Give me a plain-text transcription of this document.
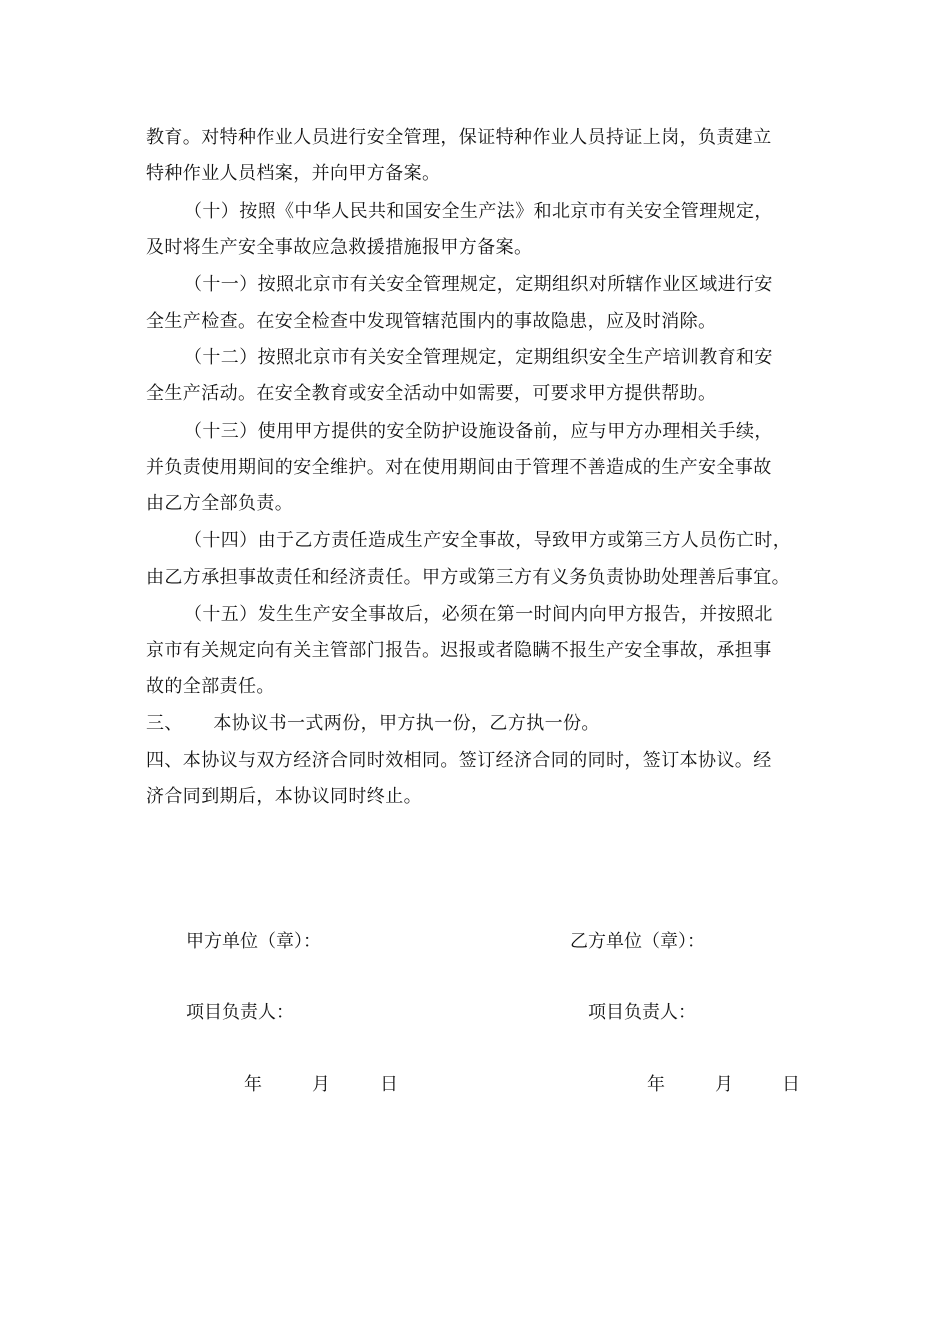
教育。对特种作业人员进行安全管理，保证特种作业人员持证上岗，负责建立
特种作业人员档案，并向甲方备案。
（十）按照《中华人民共和国安全生产法》和北京市有关安全管理规定，
及时将生产安全事故应急救援措施报甲方备案。
（十一）按照北京市有关安全管理规定，定期组织对所辖作业区域进行安
全生产检查。在安全检查中发现管辖范围内的事故隐患，应及时消除。
（十二）按照北京市有关安全管理规定，定期组织安全生产培训教育和安
全生产活动。在安全教育或安全活动中如需要，可要求甲方提供帮助。
（十三）使用甲方提供的安全防护设施设备前，应与甲方办理相关手续，
并负责使用期间的安全维护。对在使用期间由于管理不善造成的生产安全事故
由乙方全部负责。
（十四）由于乙方责任造成生产安全事故，导致甲方或第三方人员伤亡时，
由乙方承担事故责任和经济责任。甲方或第三方有义务负责协助处理善后事宜。
（十五）发生生产安全事故后，必须在第一时间内向甲方报告，并按照北
京市有关规定向有关主管部门报告。迟报或者隐瞒不报生产安全事故，承担事
故的全部责任。
三、     本协议书一式两份，甲方执一份，乙方执一份。
四、本协议与双方经济合同时效相同。签订经济合同的同时，签订本协议。经
济合同到期后，本协议同时终止。
甲方单位（章）：	乙方单位（章）：
项目负责人：	项目负责人：
年	月	日	年	月	日
